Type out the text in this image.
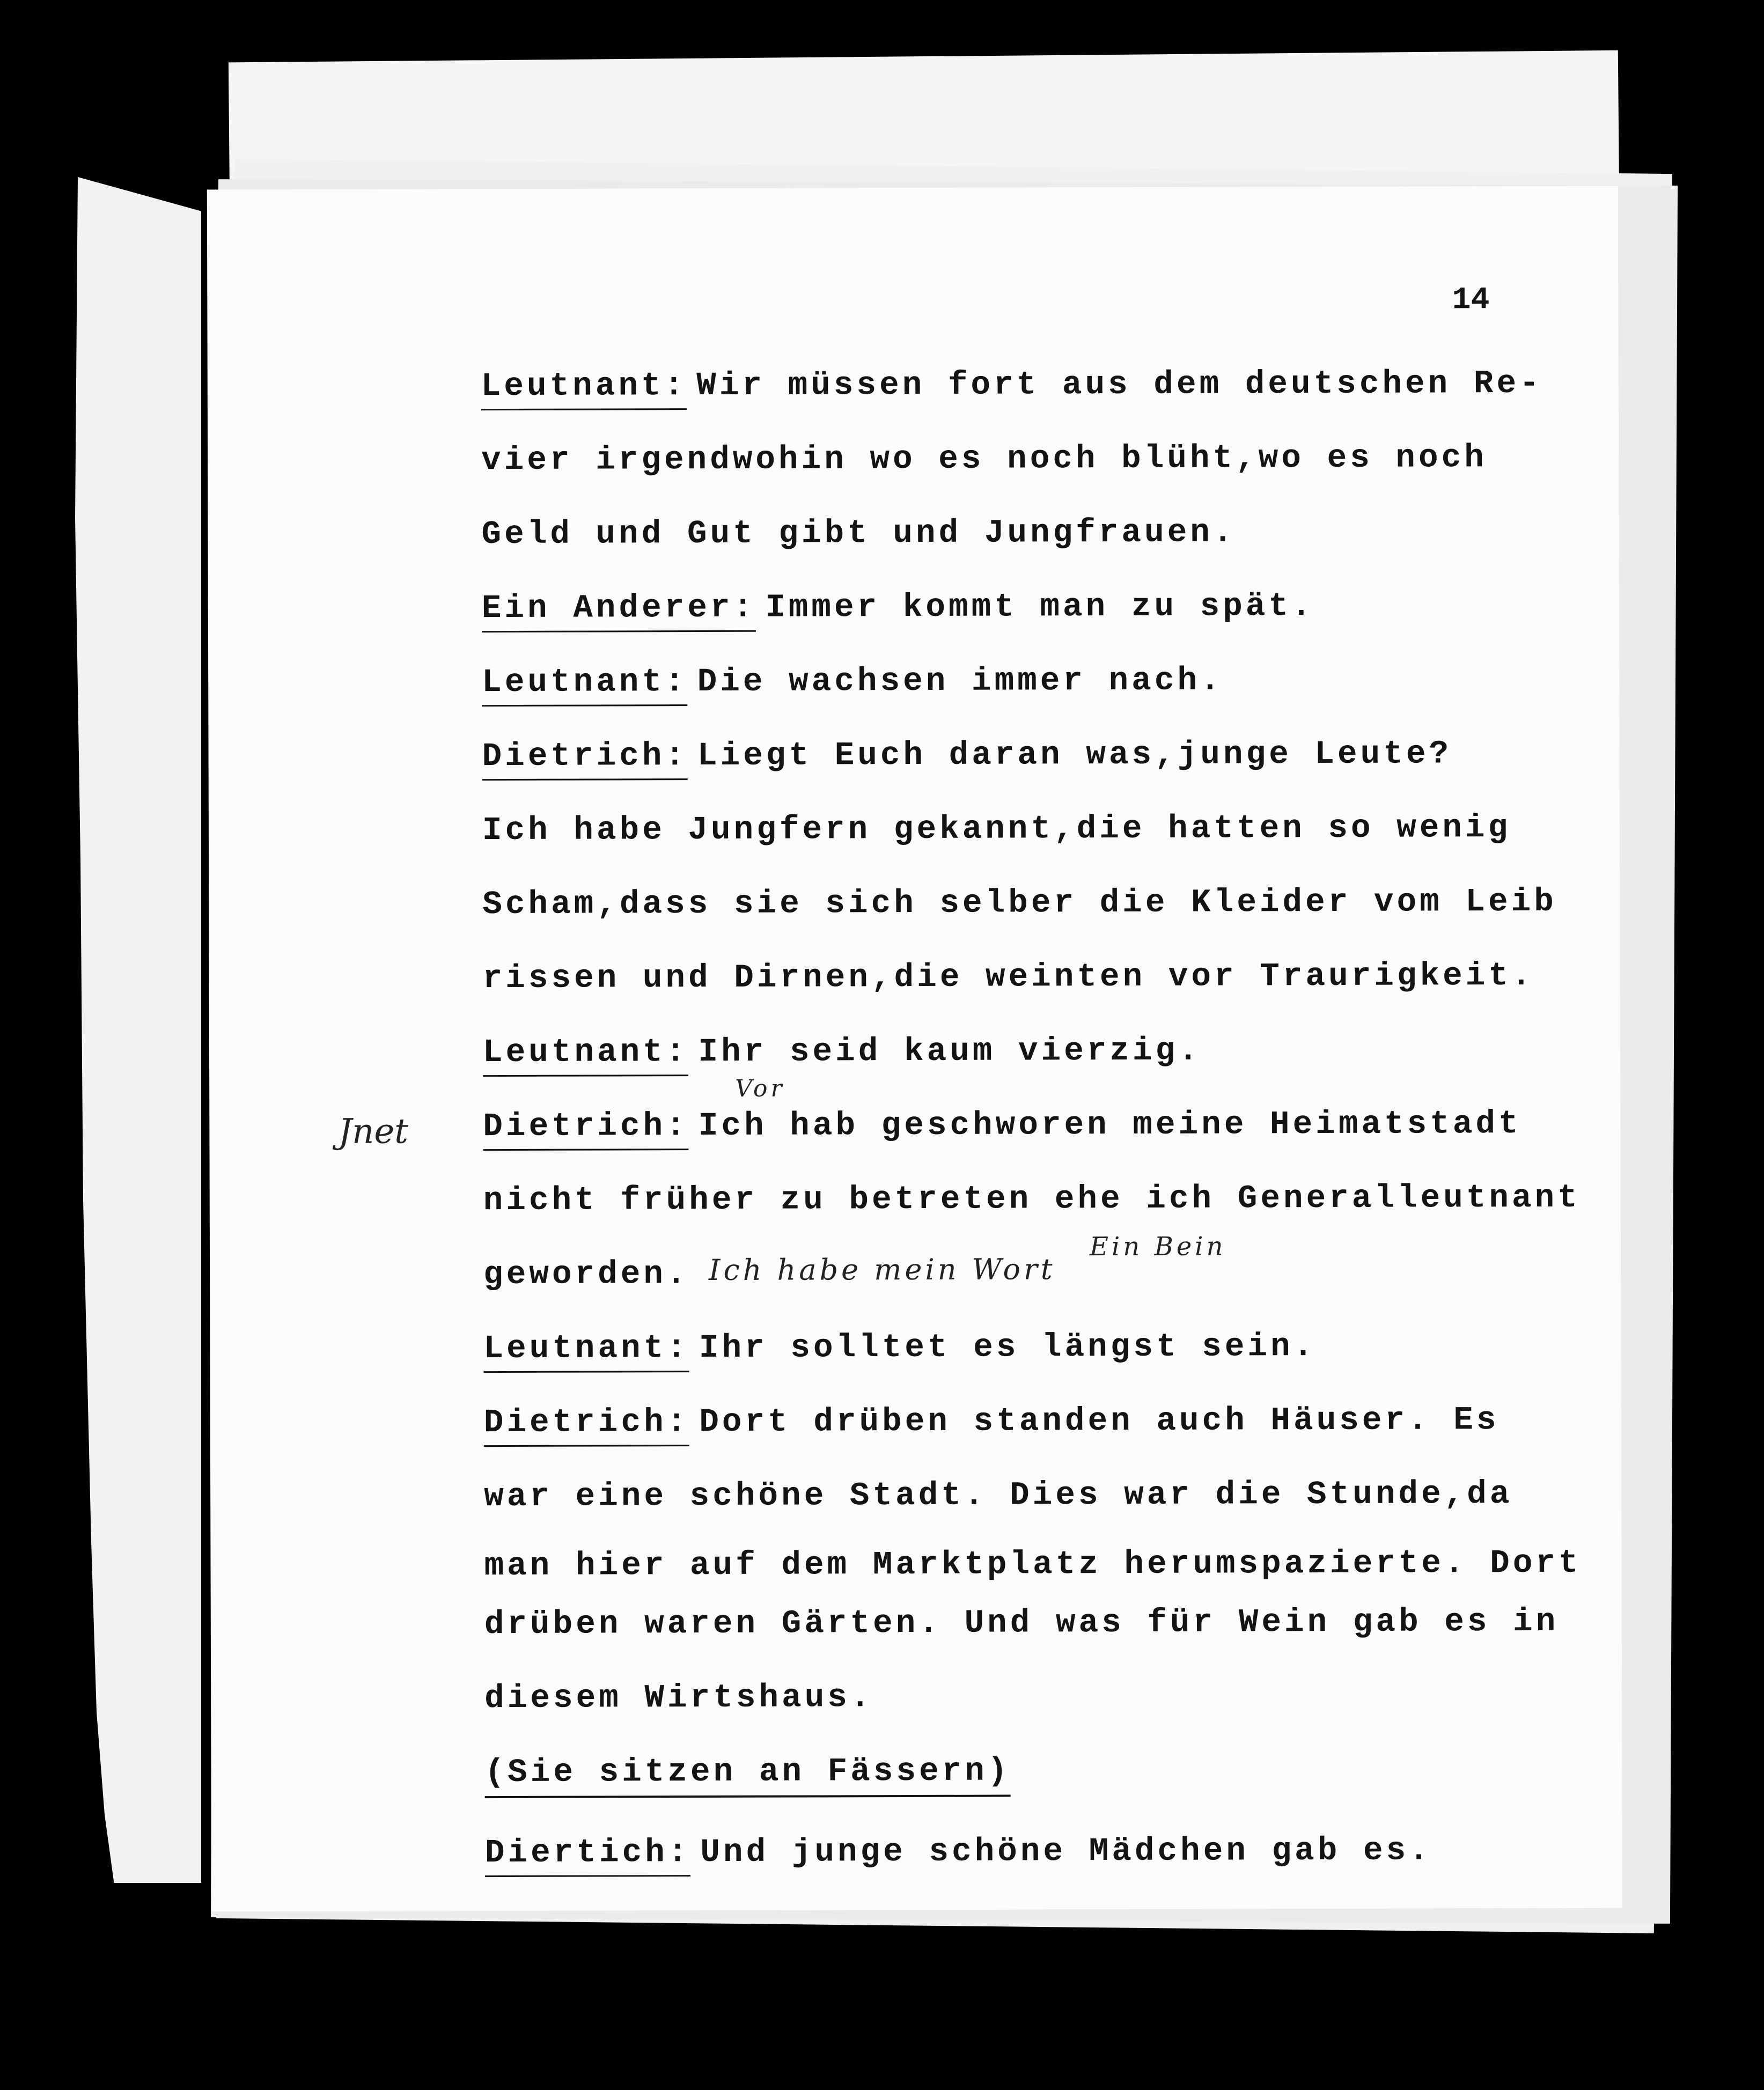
14
Jnet
Leutnant: Wir müssen fort aus dem deutschen Re-
vier irgendwohin wo es noch blüht,wo es noch
Geld und Gut gibt und Jungfrauen.
Ein Anderer: Immer kommt man zu spät.
Leutnant: Die wachsen immer nach.
Dietrich: Liegt Euch daran was,junge Leute?
Ich habe Jungfern gekannt,die hatten so wenig
Scham,dass sie sich selber die Kleider vom Leib
rissen und Dirnen,die weinten vor Traurigkeit.
Leutnant: Ihr seid kaum vierzig.
Dietrich: Ich hab geschworen meine Heimatstadt
Vor
nicht früher zu betreten ehe ich Generalleutnant
geworden. Ich habe mein Wort
Ein Bein
Leutnant: Ihr solltet es längst sein.
Dietrich: Dort drüben standen auch Häuser. Es
war eine schöne Stadt. Dies war die Stunde,da
man hier auf dem Marktplatz herumspazierte. Dort
drüben waren Gärten. Und was für Wein gab es in
diesem Wirtshaus.
(Sie sitzen an Fässern)
Diertich: Und junge schöne Mädchen gab es.
